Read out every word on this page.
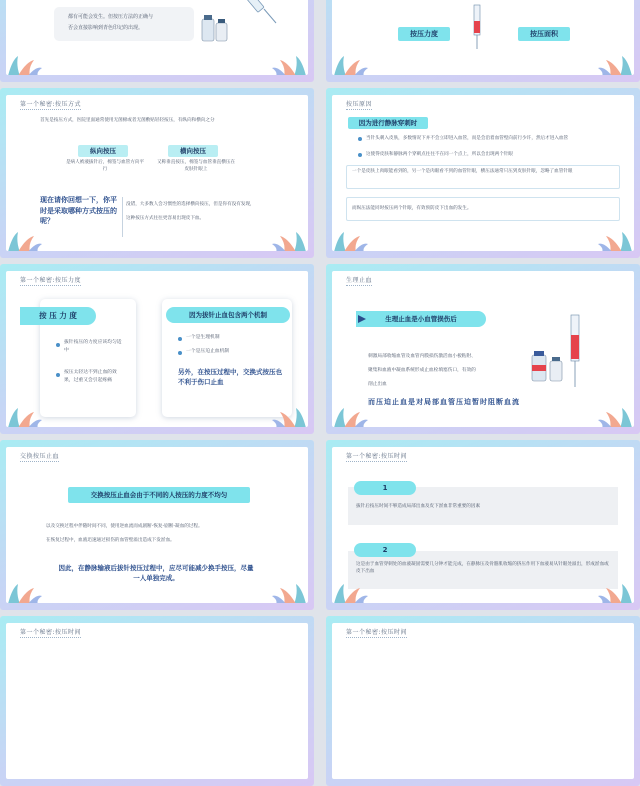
都有可能会发生。但按压方法的正确与
否会直接影响到青色印记的出现。
按压力度	按压面积
第一个秘密:按压方式
首先是按压方式，医院里面通常使用无菌棉或者无菌敷贴轻轻按压，有纵向和横向之分
纵向按压
是病人被液拔针后，棉签与血管方向平行
横向按压
又称垂直按压，棉签与血管垂直横压在皮肤针眼上
现在请你回想一下，你平时是采取哪种方式按压的呢？
没错，大多数人会习惯性的选择横向按压，但是你有没有发现，
这种按压方式往往更容易出现皮下血。
按压原因
因为进行静脉穿刺时
当针头刺入皮肤，多数情况下并不会立即进入血管，而是会沿着血管壁向前行少许，然后才进入血管
这使得皮肤和静脉两个穿刺点往往不在同一个点上，所以会出现两个针眼
一个是皮肤上肉眼能看到的，另一个是肉眼看不到的血管针眼，横压法通常只压到皮肤针眼，忽略了血管针眼
而纵压法能同时按压两个针眼，有效预防皮下出血的发生。
第一个秘密:按压力度
按 压 力 度
拔针按压的力度应该均匀适中
按压太轻达不到止血的效果，过重又会引起疼痛
因为拔针止血包含两个机制
一个是生理机制
一个是压迫止血机制
另外，在按压过程中，交换式按压也不利于伤口止血
生理止血
生理止血是小血管损伤后
刺激局部收缩血管及血管内膜损伤激活血小板粘附、
聚集和血液中凝血系统形成止血栓填塞伤口，有效的
削止出血
而压迫止血是对局部血管压迫暂时阻断血流
交换按压止血
交换按压止血会由于不同的人按压的力度不均匀
以及交换过程中伴随时间不同，使用逆血流而成剧断-恢复-剧断-凝血的过程。
在恢复过程中，血液迅速通过损伤的血管壁溢出造成下发淤血。
因此，在静脉输液后拔针按压过程中，应尽可能减少换手按压，尽量一人单独完成。
第一个秘密:按压时间
1
拔针后按压时间不够造成局部出血及皮下淤血非常重要的因素
2
这是由于血管穿刺处的血液凝固需要几分钟才能完成，在静脉压及骨骼肌收缩的挤压作用下血液易从针眼处溢出，形成淤血或皮下出血
第一个秘密:按压时间	第一个秘密:按压时间
